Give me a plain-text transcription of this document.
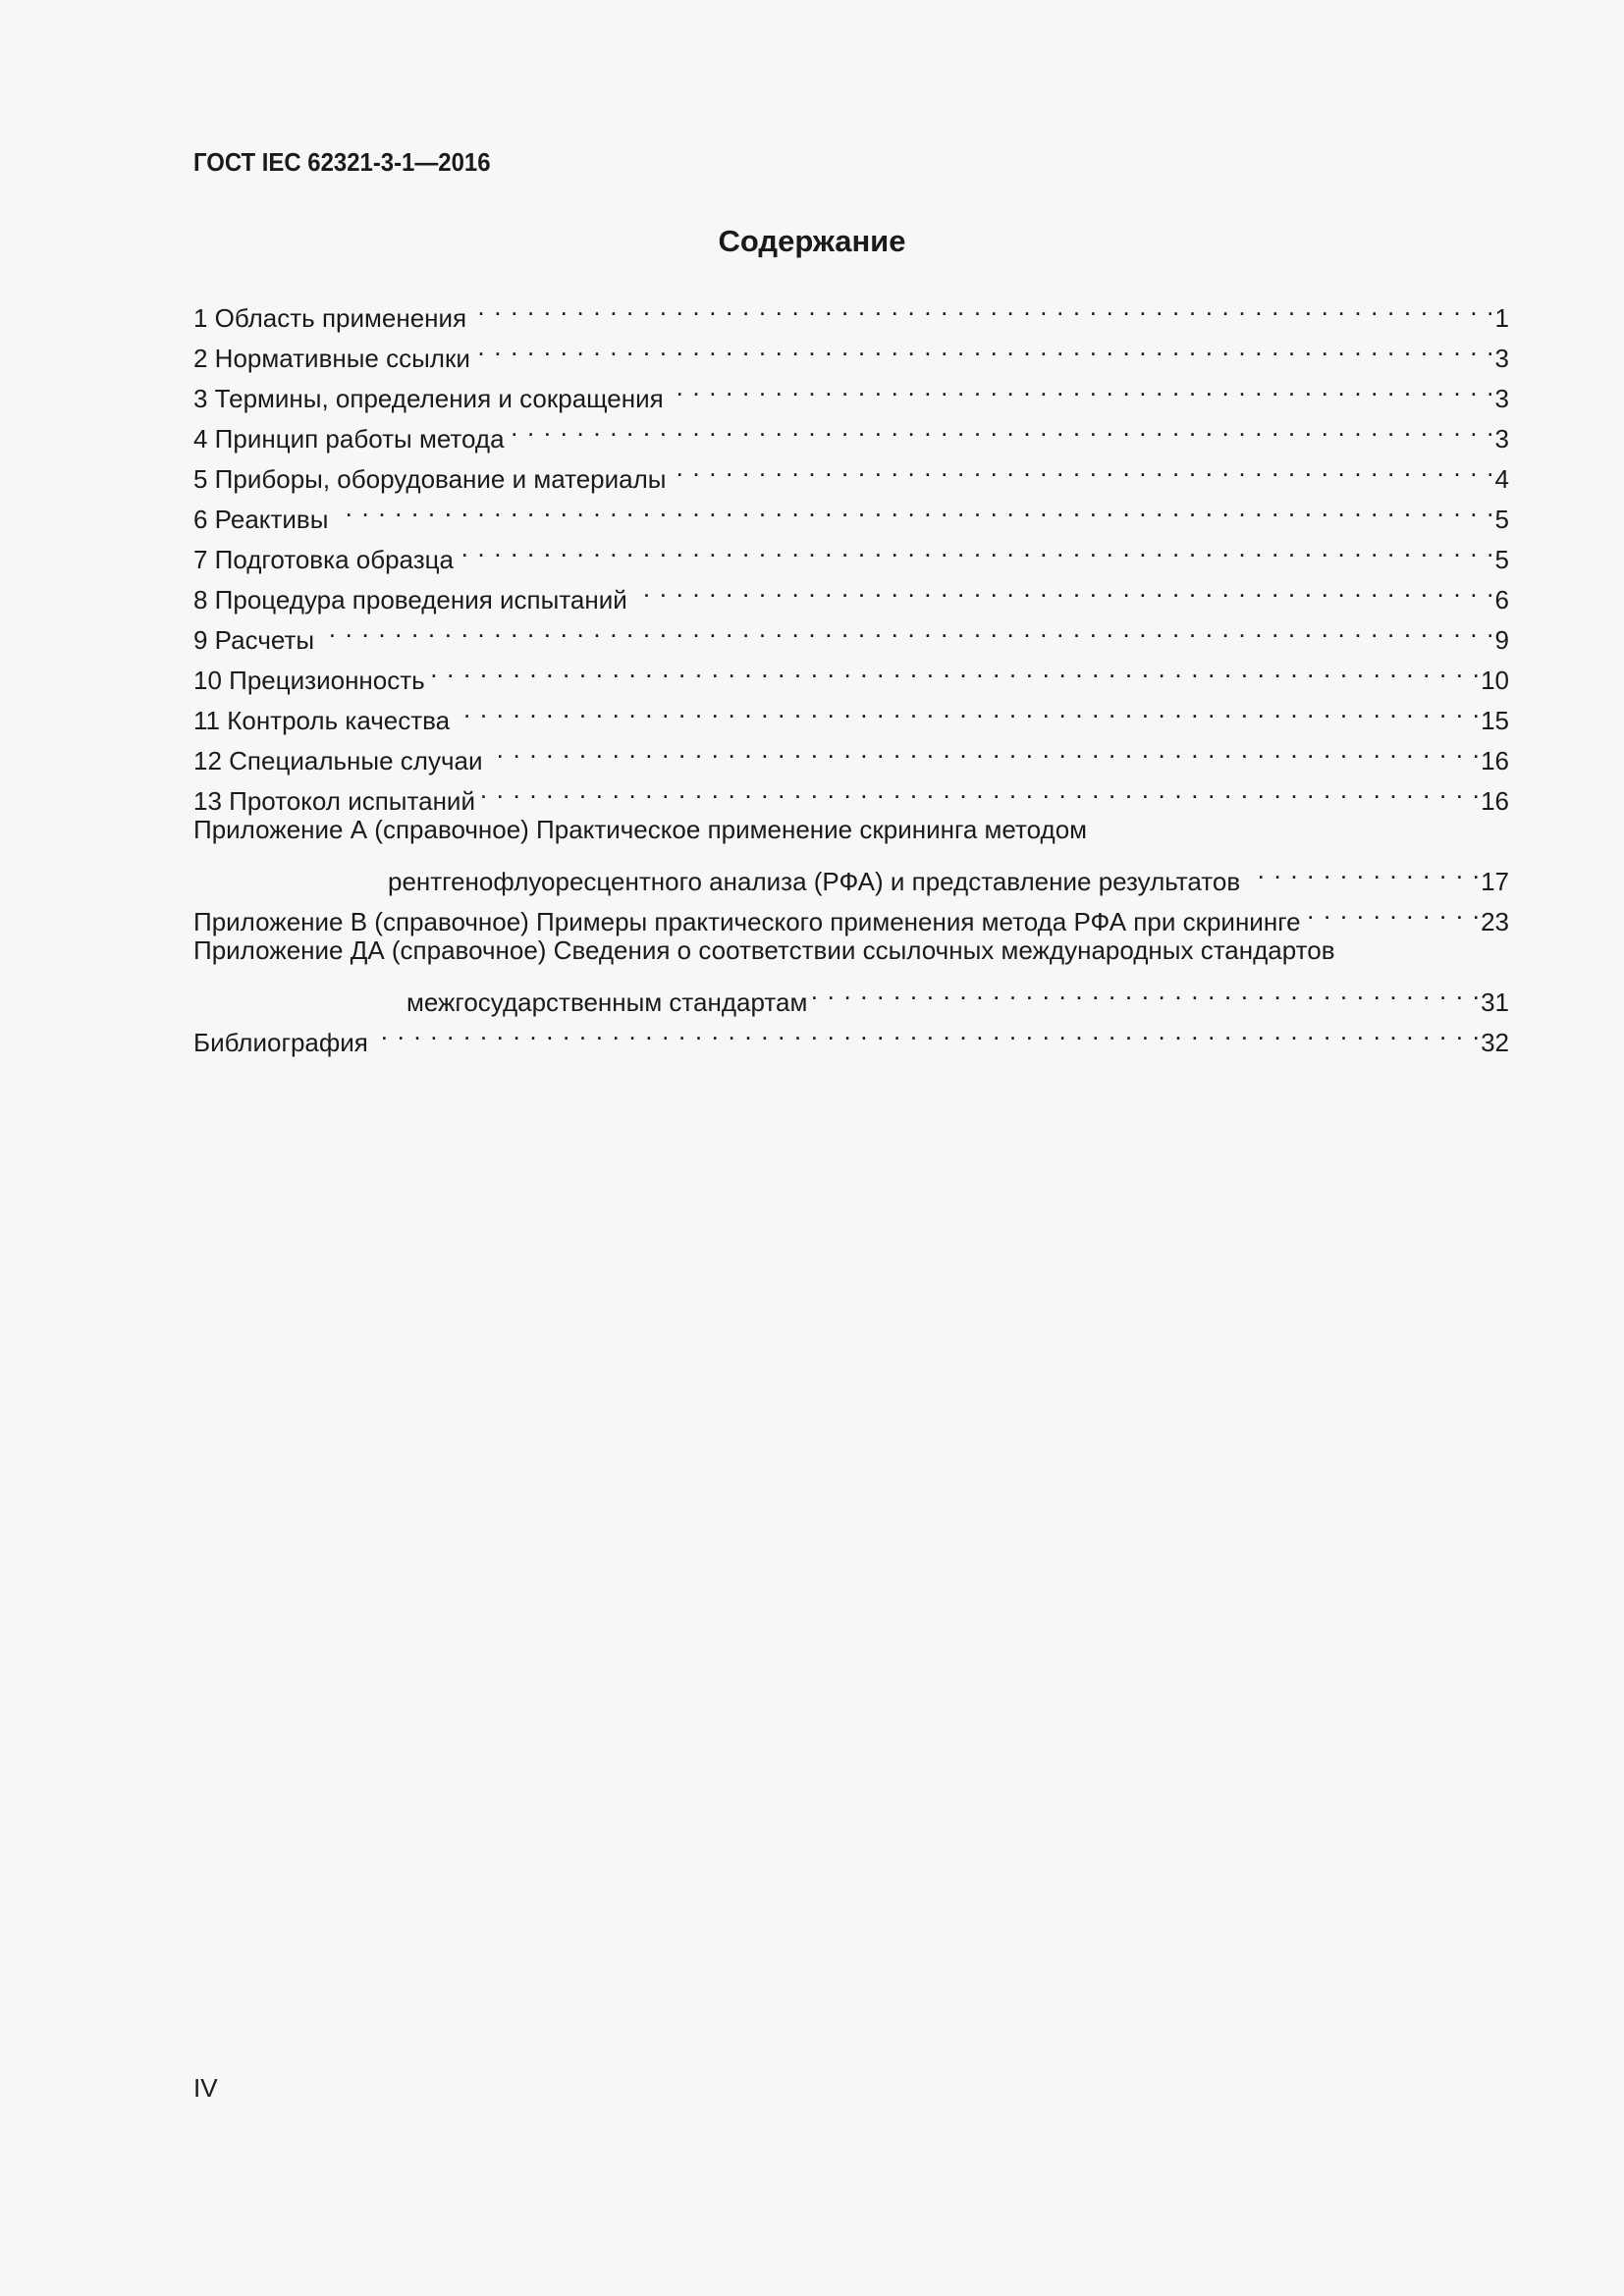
ГОСТ IEC 62321-3-1—2016
Содержание
1 Область применения . . .	1
2 Нормативные ссылки . . .	3
3 Термины, определения и сокращения . . .	3
4 Принцип работы метода . . .	3
5 Приборы, оборудование и материалы . . .	4
6 Реактивы . . .	5
7 Подготовка образца . . .	5
8 Процедура проведения испытаний . . .	6
9 Расчеты . . .	9
10 Прецизионность . . .	10
11 Контроль качества . . .	15
12 Специальные случаи . . .	16
13 Протокол испытаний . . .	16
Приложение А (справочное) Практическое применение скрининга методом
рентгенофлуоресцентного анализа (РФА) и представление результатов . . .	17
Приложение В (справочное) Примеры практического применения метода РФА при скрининге . . .	23
Приложение ДА (справочное) Сведения о соответствии ссылочных международных стандартов
межгосударственным стандартам . . .	31
Библиография . . .	32
IV
